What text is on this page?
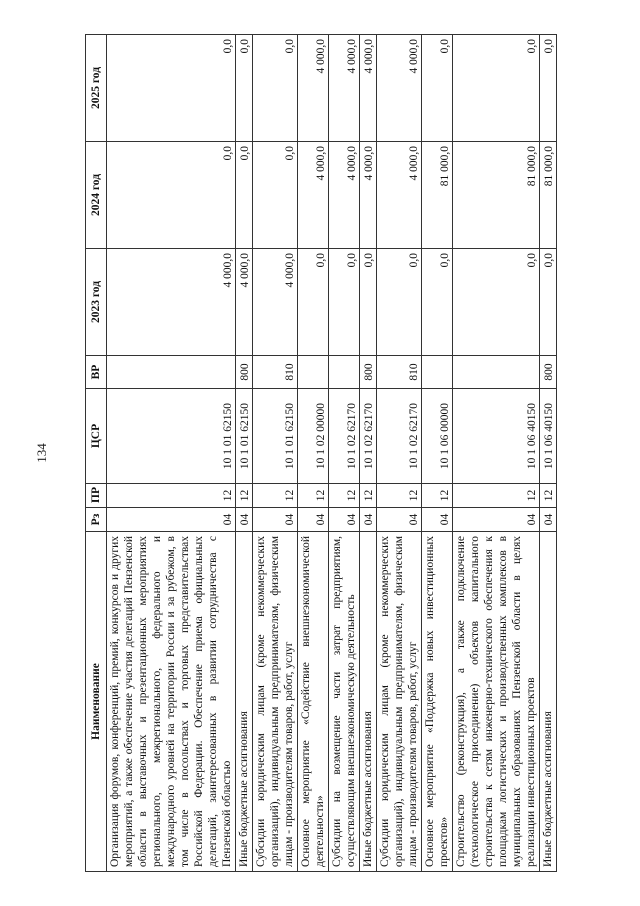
134
Наименование	Рз	ПР	ЦСР	ВР	2023 год	2024 год	2025 год
Организация форумов, конференций, премий, конкурсов и других мероприятий, а также обеспечение участия делегаций Пензенской области в выставочных и презентационных мероприятиях регионального, межрегионального, федерального и международного уровней на территории России и за рубежом, в том числе в посольствах и торговых представительствах Российской Федерации. Обеспечение приема официальных делегаций, заинтересованных в развитии сотрудничества с Пензенской областью	04	12	10 1 01 62150		4 000,0	0,0	0,0
Иные бюджетные ассигнования	04	12	10 1 01 62150	800	4 000,0	0,0	0,0
Субсидии юридическим лицам (кроме некоммерческих организаций), индивидуальным предпринимателям, физическим лицам - производителям товаров, работ, услуг	04	12	10 1 01 62150	810	4 000,0	0,0	0,0
Основное мероприятие «Содействие внешнеэкономической деятельности»	04	12	10 1 02 00000		0,0	4 000,0	4 000,0
Субсидии на возмещение части затрат предприятиям, осуществляющим внешнеэкономическую деятельность	04	12	10 1 02 62170		0,0	4 000,0	4 000,0
Иные бюджетные ассигнования	04	12	10 1 02 62170	800	0,0	4 000,0	4 000,0
Субсидии юридическим лицам (кроме некоммерческих организаций), индивидуальным предпринимателям, физическим лицам - производителям товаров, работ, услуг	04	12	10 1 02 62170	810	0,0	4 000,0	4 000,0
Основное мероприятие «Поддержка новых инвестиционных проектов»	04	12	10 1 06 00000		0,0	81 000,0	0,0
Строительство (реконструкция), а также подключение (технологическое присоединение) объектов капитального строительства к сетям инженерно-технического обеспечения к площадкам логистических и производственных комплексов в муниципальных образованиях Пензенской области в целях реализации инвестиционных проектов	04	12	10 1 06 40150		0,0	81 000,0	0,0
Иные бюджетные ассигнования	04	12	10 1 06 40150	800	0,0	81 000,0	0,0
